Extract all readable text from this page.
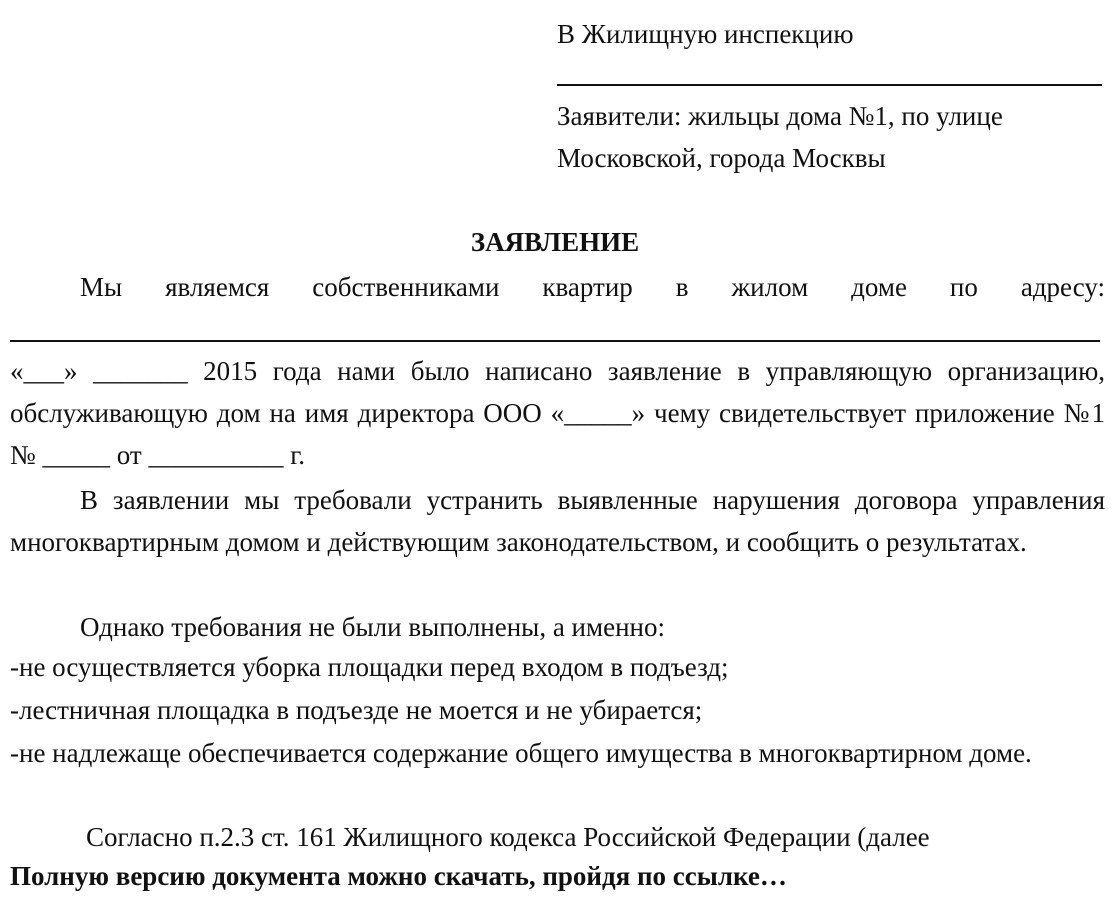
В Жилищную инспекцию
Заявители: жильцы дома №1, по улице Московской, города Москвы
ЗАЯВЛЕНИЕ
Мы являемся собственниками квартир в жилом доме по адресу:
«___» _______ 2015 года нами было написано заявление в управляющую организацию, обслуживающую дом на имя директора ООО «_____» чему свидетельствует приложение №1 № _____ от __________ г.
В заявлении мы требовали устранить выявленные нарушения договора управления многоквартирным домом и действующим законодательством, и сообщить о результатах.
Однако требования не были выполнены, а именно:
-не осуществляется уборка площадки перед входом в подъезд;
-лестничная площадка в подъезде не моется и не убирается;
-не надлежаще обеспечивается содержание общего имущества в многоквартирном доме.
Согласно п.2.3 ст. 161 Жилищного кодекса Российской Федерации (далее
Полную версию документа можно скачать, пройдя по ссылке…
